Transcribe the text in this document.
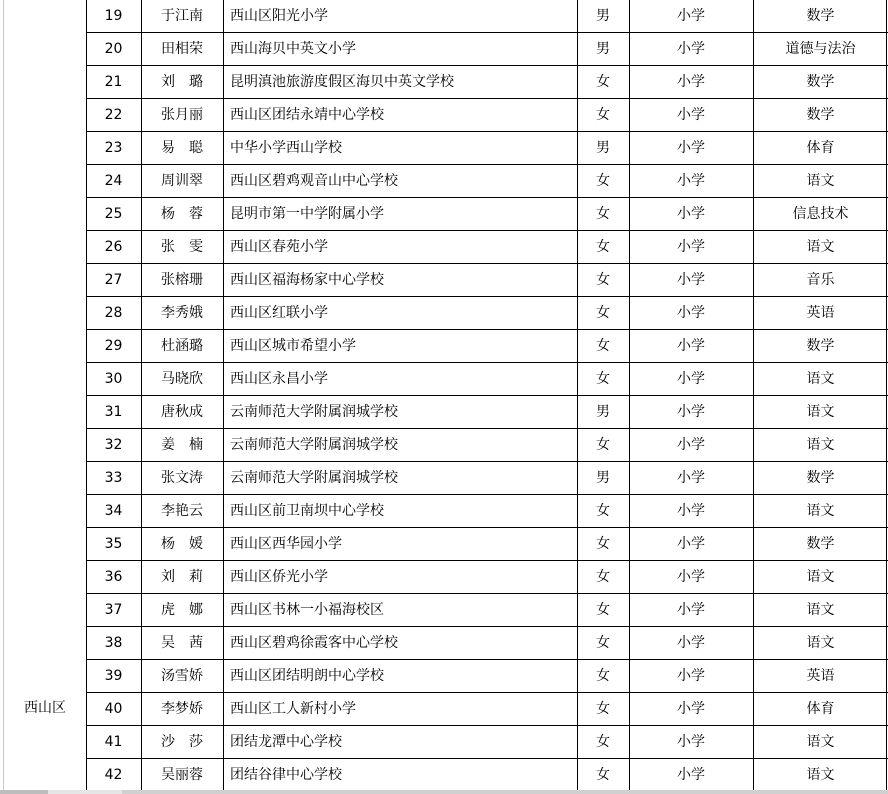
19	于江南	西山区阳光小学	男	小学	数学
20	田相荣	西山海贝中英文小学	男	小学	道德与法治
21	刘　璐	昆明滇池旅游度假区海贝中英文学校	女	小学	数学
22	张月丽	西山区团结永靖中心学校	女	小学	数学
23	易　聪	中华小学西山学校	男	小学	体育
24	周训翠	西山区碧鸡观音山中心学校	女	小学	语文
25	杨　蓉	昆明市第一中学附属小学	女	小学	信息技术
26	张　雯	西山区春苑小学	女	小学	语文
27	张榕珊	西山区福海杨家中心学校	女	小学	音乐
28	李秀娥	西山区红联小学	女	小学	英语
29	杜涵璐	西山区城市希望小学	女	小学	数学
30	马晓欣	西山区永昌小学	女	小学	语文
31	唐秋成	云南师范大学附属润城学校	男	小学	语文
32	姜　楠	云南师范大学附属润城学校	女	小学	语文
33	张文涛	云南师范大学附属润城学校	男	小学	数学
34	李艳云	西山区前卫南坝中心学校	女	小学	语文
35	杨　媛	西山区西华园小学	女	小学	数学
36	刘　莉	西山区侨光小学	女	小学	语文
37	虎　娜	西山区书林一小福海校区	女	小学	语文
38	吴　茜	西山区碧鸡徐霞客中心学校	女	小学	语文
39	汤雪娇	西山区团结明朗中心学校	女	小学	英语
40	李梦娇	西山区工人新村小学	女	小学	体育
41	沙　莎	团结龙潭中心学校	女	小学	语文
42	吴丽蓉	团结谷律中心学校	女	小学	语文
西山区
